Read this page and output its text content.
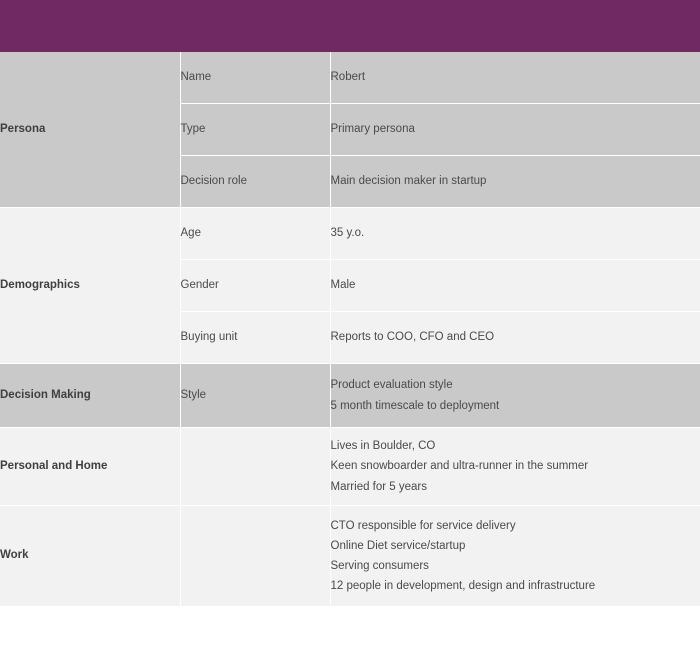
Persona	Name	Robert

	Type	Primary persona

	Decision role	Main decision maker in startup

Demographics	Age	35 y.o.

	Gender	Male

	Buying unit	Reports to COO, CFO and CEO

Decision Making	Style	Product evaluation style
5 month timescale to deployment

Personal and Home		Lives in Boulder, CO
Keen snowboarder and ultra-runner in the summer
Married for 5 years

Work		CTO responsible for service delivery
Online Diet service/startup
Serving consumers
12 people in development, design and infrastructure
